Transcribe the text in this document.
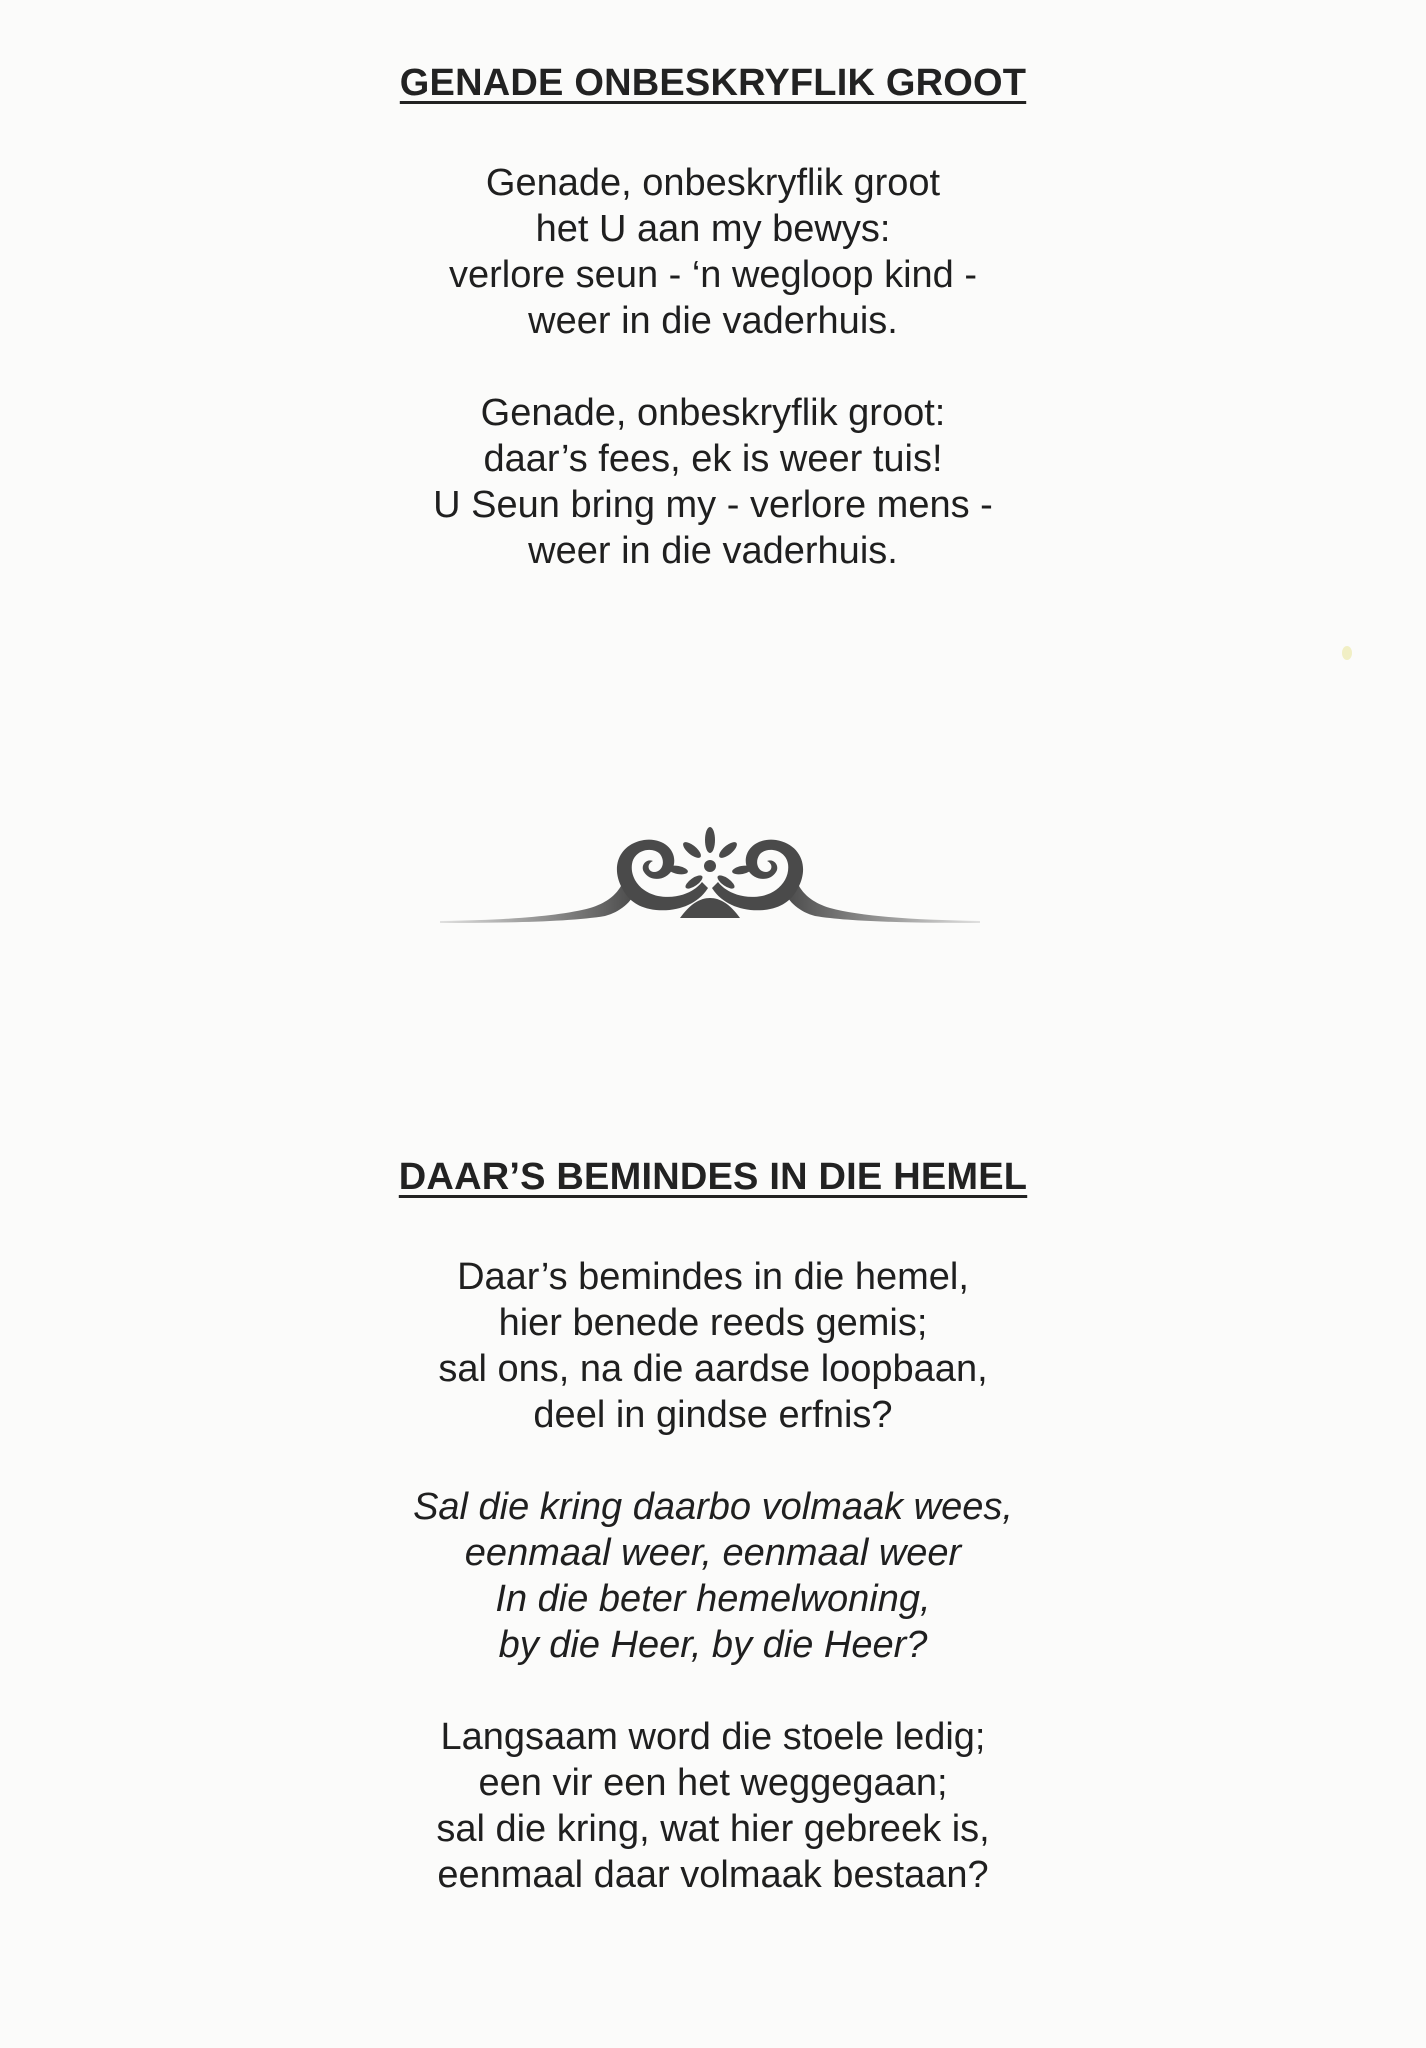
GENADE ONBESKRYFLIK GROOT
Genade, onbeskryflik groot
het U aan my bewys:
verlore seun - ‘n wegloop kind -
weer in die vaderhuis.
Genade, onbeskryflik groot:
daar’s fees, ek is weer tuis!
U Seun bring my - verlore mens -
weer in die vaderhuis.
DAAR’S BEMINDES IN DIE HEMEL
Daar’s bemindes in die hemel,
hier benede reeds gemis;
sal ons, na die aardse loopbaan,
deel in gindse erfnis?
Sal die kring daarbo volmaak wees,
eenmaal weer, eenmaal weer
In die beter hemelwoning,
by die Heer, by die Heer?
Langsaam word die stoele ledig;
een vir een het weggegaan;
sal die kring, wat hier gebreek is,
eenmaal daar volmaak bestaan?
